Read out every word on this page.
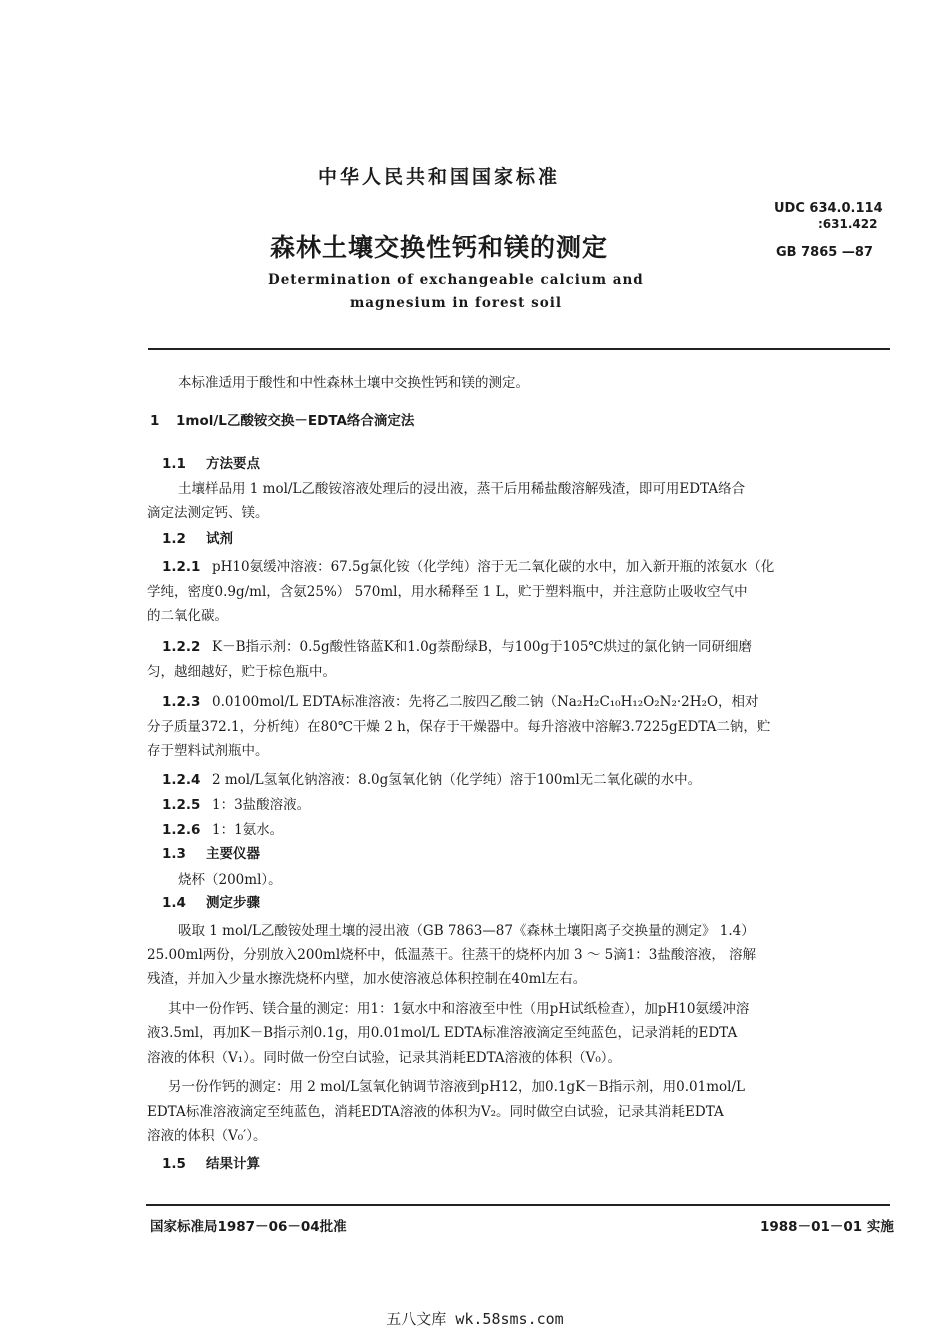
中华人民共和国国家标准
森林土壤交换性钙和镁的测定
Determination of exchangeable calcium and
magnesium in forest soil
UDC 634.0.114
:631.422
GB 7865 —87
本标准适用于酸性和中性森林土壤中交换性钙和镁的测定。
1 1mol/L乙酸铵交换－EDTA络合滴定法
1.1 方法要点
土壤样品用 1 mol/L乙酸铵溶液处理后的浸出液，蒸干后用稀盐酸溶解残渣，即可用EDTA络合
滴定法测定钙、镁。
1.2 试剂
1.2.1 pH10氨缓冲溶液：67.5g氯化铵（化学纯）溶于无二氧化碳的水中，加入新开瓶的浓氨水（化
学纯，密度0.9g/ml，含氨25%） 570ml，用水稀释至 1 L，贮于塑料瓶中，并注意防止吸收空气中
的二氧化碳。
1.2.2 K－B指示剂：0.5g酸性铬蓝K和1.0g萘酚绿B，与100g于105℃烘过的氯化钠一同研细磨
匀，越细越好，贮于棕色瓶中。
1.2.3 0.0100mol/L EDTA标准溶液：先将乙二胺四乙酸二钠（Na₂H₂C₁₀H₁₂O₂N₂·2H₂O，相对
分子质量372.1，分析纯）在80℃干燥 2 h，保存于干燥器中。每升溶液中溶解3.7225gEDTA二钠，贮
存于塑料试剂瓶中。
1.2.4 2 mol/L氢氧化钠溶液：8.0g氢氧化钠（化学纯）溶于100ml无二氧化碳的水中。
1.2.5 1：3盐酸溶液。
1.2.6 1：1氨水。
1.3 主要仪器
烧杯（200ml）。
1.4 测定步骤
吸取 1 mol/L乙酸铵处理土壤的浸出液（GB 7863—87《森林土壤阳离子交换量的测定》 1.4）
25.00ml两份，分别放入200ml烧杯中，低温蒸干。往蒸干的烧杯内加 3 ～ 5滴1：3盐酸溶液， 溶解
残渣，并加入少量水擦洗烧杯内壁，加水使溶液总体积控制在40ml左右。
其中一份作钙、镁合量的测定：用1：1氨水中和溶液至中性（用pH试纸检查），加pH10氨缓冲溶
液3.5ml，再加K－B指示剂0.1g，用0.01mol/L EDTA标准溶液滴定至纯蓝色，记录消耗的EDTA
溶液的体积（V₁）。同时做一份空白试验，记录其消耗EDTA溶液的体积（V₀）。
另一份作钙的测定：用 2 mol/L氢氧化钠调节溶液到pH12，加0.1gK－B指示剂，用0.01mol/L
EDTA标准溶液滴定至纯蓝色，消耗EDTA溶液的体积为V₂。同时做空白试验，记录其消耗EDTA
溶液的体积（V₀′）。
1.5 结果计算
国家标准局1987－06－04批准	1988－01－01 实施
五八文库 wk.58sms.com
